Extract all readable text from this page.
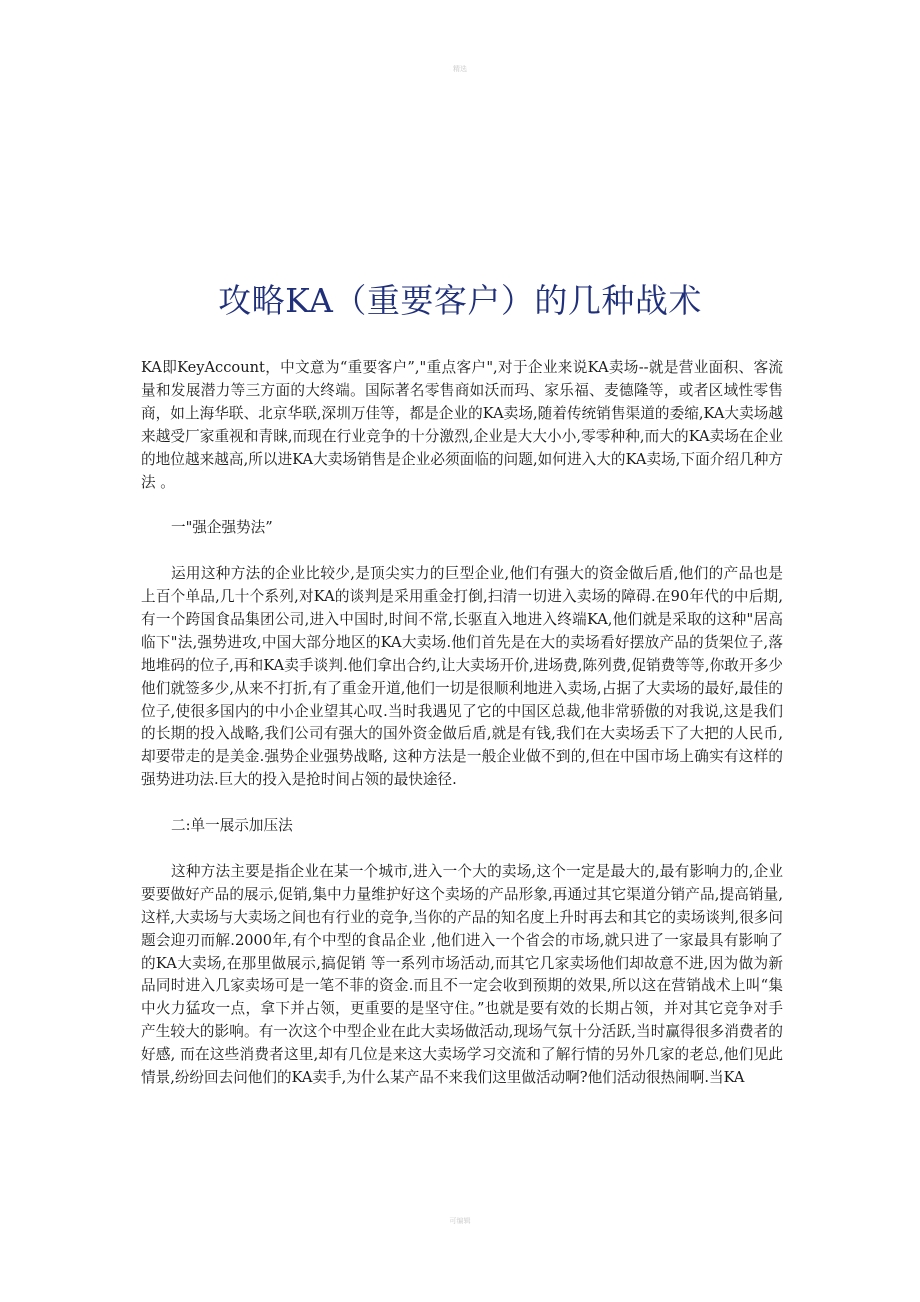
精选
攻略KA（重要客户）的几种战术

KA即KeyAccount，中文意为“重要客户”,"重点客户",对于企业来说KA卖场--就是营业面积、客流量和发展潜力等三方面的大终端。国际著名零售商如沃而玛、家乐福、麦德隆等，或者区域性零售商，如上海华联、北京华联,深圳万佳等，都是企业的KA卖场,随着传统销售渠道的委缩,KA大卖场越来越受厂家重视和青睐,而现在行业竞争的十分激烈,企业是大大小小,零零种种,而大的KA卖场在企业的地位越来越高,所以进KA大卖场销售是企业必须面临的问题,如何进入大的KA卖场,下面介绍几种方法 。

一"强企强势法”

运用这种方法的企业比较少,是顶尖实力的巨型企业,他们有强大的资金做后盾,他们的产品也是上百个单品,几十个系列,对KA的谈判是采用重金打倒,扫清一切进入卖场的障碍.在90年代的中后期,有一个跨国食品集团公司,进入中国时,时间不常,长驱直入地进入终端KA,他们就是采取的这种"居高临下"法,强势进攻,中国大部分地区的KA大卖场.他们首先是在大的卖场看好摆放产品的货架位子,落地堆码的位子,再和KA卖手谈判.他们拿出合约,让大卖场开价,进场费,陈列费,促销费等等,你敢开多少他们就签多少,从来不打折,有了重金开道,他们一切是很顺利地进入卖场,占据了大卖场的最好,最佳的位子,使很多国内的中小企业望其心叹.当时我遇见了它的中国区总裁,他非常骄傲的对我说,这是我们的长期的投入战略,我们公司有强大的国外资金做后盾,就是有钱,我们在大卖场丢下了大把的人民币,却要带走的是美金.强势企业强势战略, 这种方法是一般企业做不到的,但在中国市场上确实有这样的强势进功法.巨大的投入是抢时间占领的最快途径.

二:单一展示加压法

这种方法主要是指企业在某一个城市,进入一个大的卖场,这个一定是最大的,最有影响力的,企业要要做好产品的展示,促销,集中力量维护好这个卖场的产品形象,再通过其它渠道分销产品,提高销量, 这样,大卖场与大卖场之间也有行业的竞争,当你的产品的知名度上升时再去和其它的卖场谈判,很多问题会迎刃而解.2000年,有个中型的食品企业 ,他们进入一个省会的市场,就只进了一家最具有影响了的KA大卖场,在那里做展示,搞促销 等一系列市场活动,而其它几家卖场他们却故意不进,因为做为新品同时进入几家卖场可是一笔不菲的资金.而且不一定会收到预期的效果,所以这在营销战术上叫“集中火力猛攻一点，拿下并占领，更重要的是坚守住。”也就是要有效的长期占领，并对其它竞争对手产生较大的影响。有一次这个中型企业在此大卖场做活动,现场气氛十分活跃,当时赢得很多消费者的好感, 而在这些消费者这里,却有几位是来这大卖场学习交流和了解行情的另外几家的老总,他们见此情景,纷纷回去问他们的KA卖手,为什么某产品不来我们这里做活动啊?他们活动很热闹啊.当KA

可编辑
